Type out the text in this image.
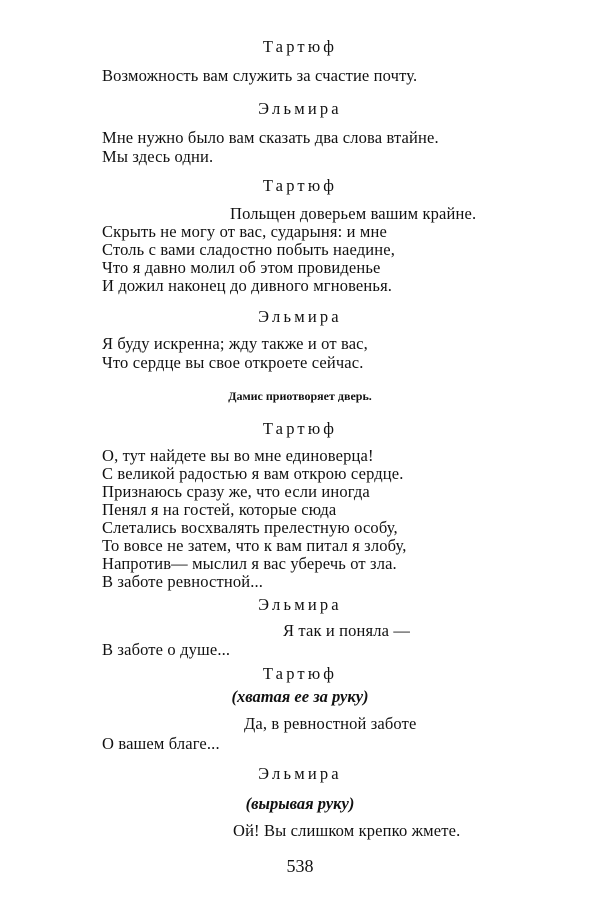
Тартюф
Возможность вам служить за счастие почту.
Эльмира
Мне нужно было вам сказать два слова втайне.
Мы здесь одни.
Тартюф
Польщен доверьем вашим крайне.
Скрыть не могу от вас, сударыня: и мне
Столь с вами сладостно побыть наедине,
Что я давно молил об этом провиденье
И дожил наконец до дивного мгновенья.
Эльмира
Я буду искренна; жду также и от вас,
Что сердце вы свое откроете сейчас.
Дамис приотворяет дверь.
Тартюф
О, тут найдете вы во мне единоверца!
С великой радостью я вам открою сердце.
Признаюсь сразу же, что если иногда
Пенял я на гостей, которые сюда
Слетались восхвалять прелестную особу,
То вовсе не затем, что к вам питал я злобу,
Напротив— мыслил я вас уберечь от зла.
В заботе ревностной...
Эльмира
Я так и поняла —
В заботе о душе...
Тартюф
(хватая ее за руку)
Да, в ревностной заботе
О вашем благе...
Эльмира
(вырывая руку)
Ой! Вы слишком крепко жмете.
538
